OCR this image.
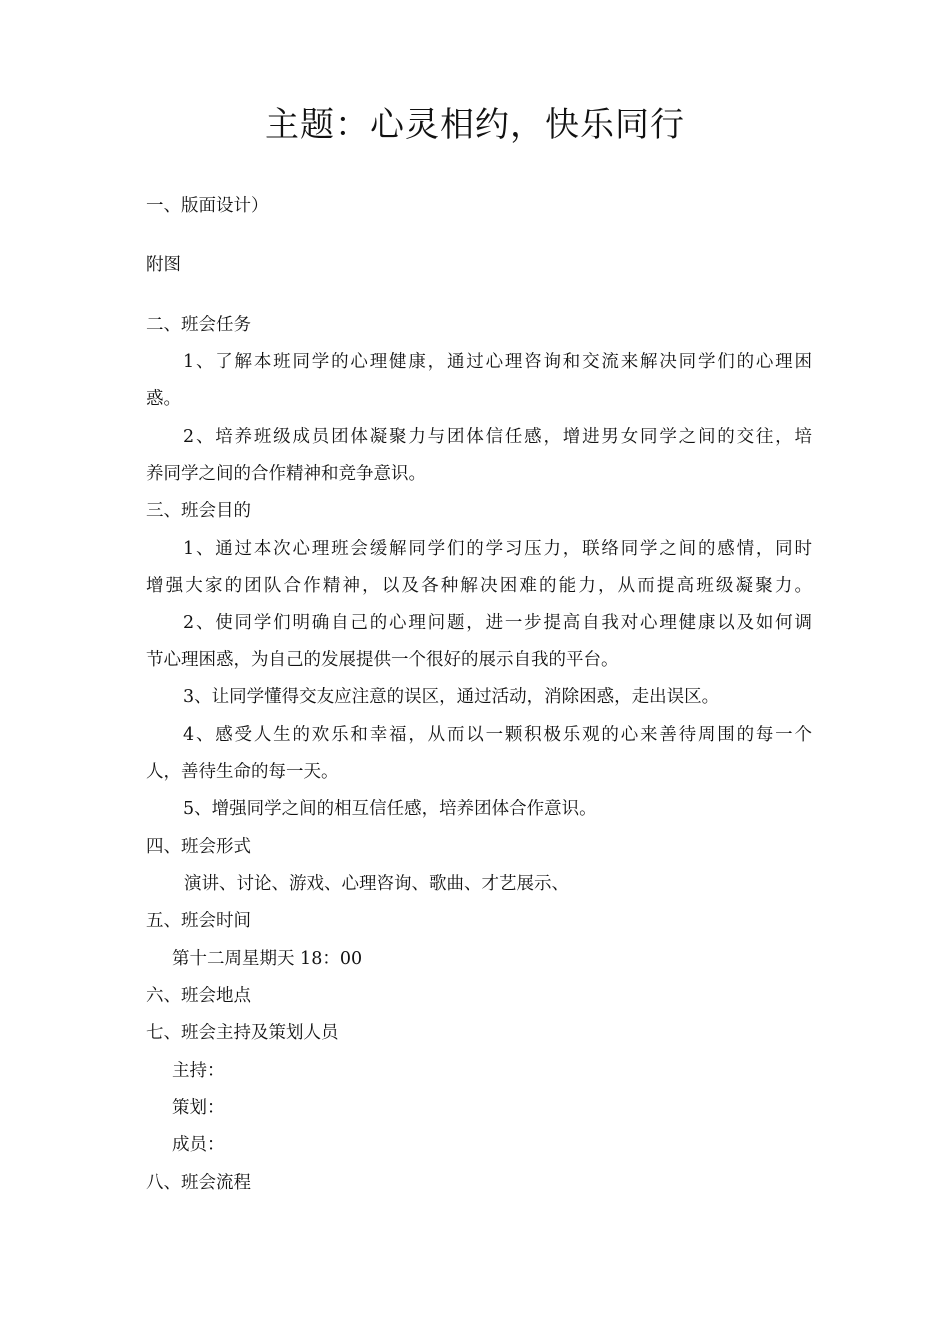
主题：心灵相约，快乐同行
一、版面设计）
附图
二、班会任务
1、了解本班同学的心理健康，通过心理咨询和交流来解决同学们的心理困
惑。
2、培养班级成员团体凝聚力与团体信任感，增进男女同学之间的交往，培
养同学之间的合作精神和竞争意识。
三、班会目的
1、通过本次心理班会缓解同学们的学习压力，联络同学之间的感情，同时
增强大家的团队合作精神，以及各种解决困难的能力，从而提高班级凝聚力。
2、使同学们明确自己的心理问题，进一步提高自我对心理健康以及如何调
节心理困惑，为自己的发展提供一个很好的展示自我的平台。
3、让同学懂得交友应注意的误区，通过活动，消除困惑，走出误区。
4、感受人生的欢乐和幸福，从而以一颗积极乐观的心来善待周围的每一个
人，善待生命的每一天。
5、增强同学之间的相互信任感，培养团体合作意识。
四、班会形式
演讲、讨论、游戏、心理咨询、歌曲、才艺展示、
五、班会时间
第十二周星期天 18：00
六、班会地点
七、班会主持及策划人员
主持：
策划：
成员：
八、班会流程
